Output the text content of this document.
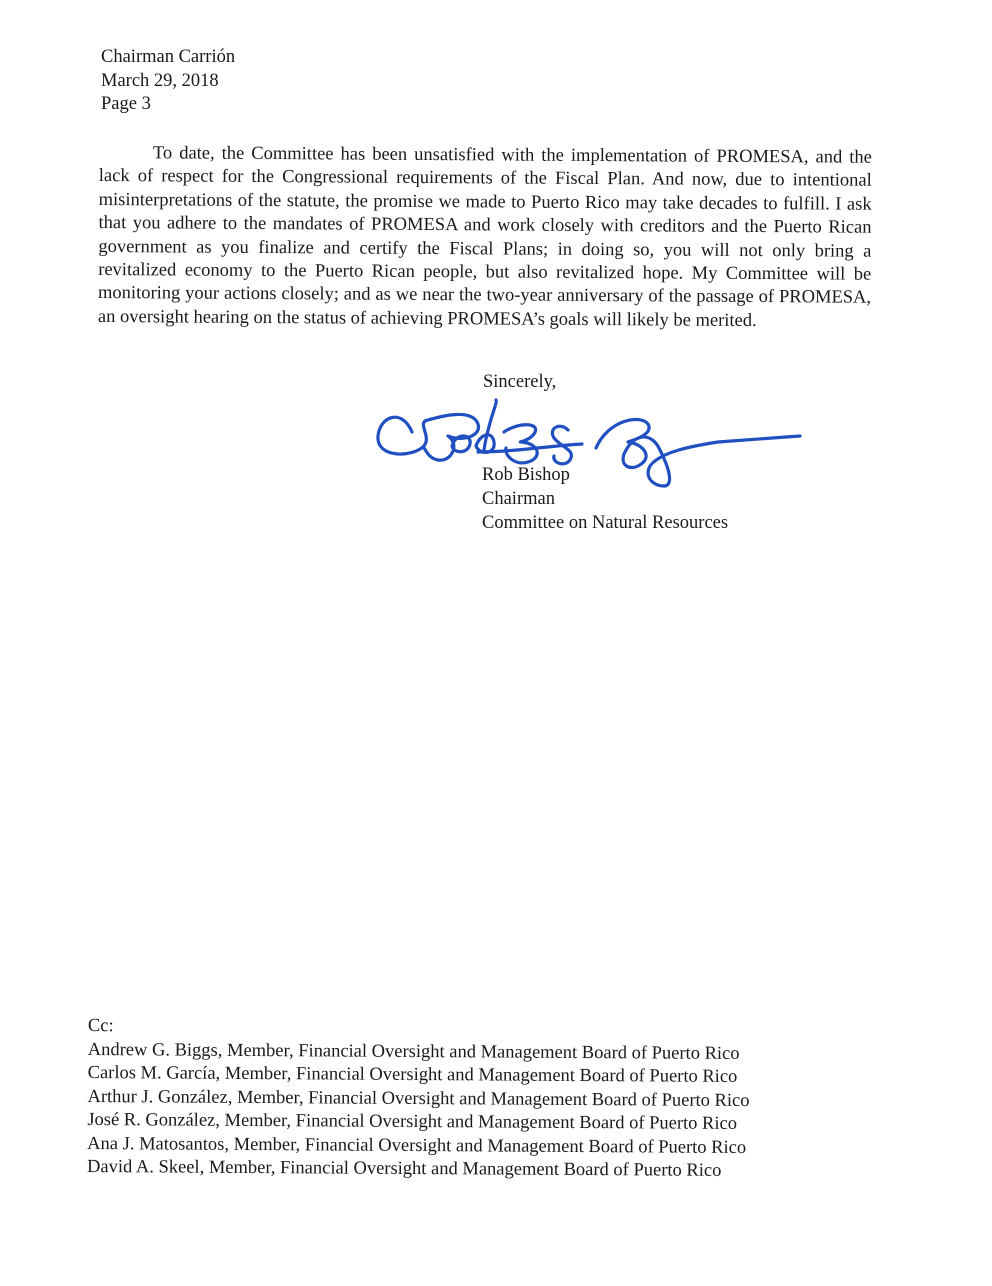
Chairman Carrión
March 29, 2018
Page 3

To date, the Committee has been unsatisfied with the implementation of PROMESA, and the lack of respect for the Congressional requirements of the Fiscal Plan. And now, due to intentional misinterpretations of the statute, the promise we made to Puerto Rico may take decades to fulfill. I ask that you adhere to the mandates of PROMESA and work closely with creditors and the Puerto Rican government as you finalize and certify the Fiscal Plans; in doing so, you will not only bring a revitalized economy to the Puerto Rican people, but also revitalized hope. My Committee will be monitoring your actions closely; and as we near the two-year anniversary of the passage of PROMESA, an oversight hearing on the status of achieving PROMESA’s goals will likely be merited.

Sincerely,
Rob Bishop
Chairman
Committee on Natural Resources
Cc:
Andrew G. Biggs, Member, Financial Oversight and Management Board of Puerto Rico
Carlos M. García, Member, Financial Oversight and Management Board of Puerto Rico
Arthur J. González, Member, Financial Oversight and Management Board of Puerto Rico
José R. González, Member, Financial Oversight and Management Board of Puerto Rico
Ana J. Matosantos, Member, Financial Oversight and Management Board of Puerto Rico
David A. Skeel, Member, Financial Oversight and Management Board of Puerto Rico
